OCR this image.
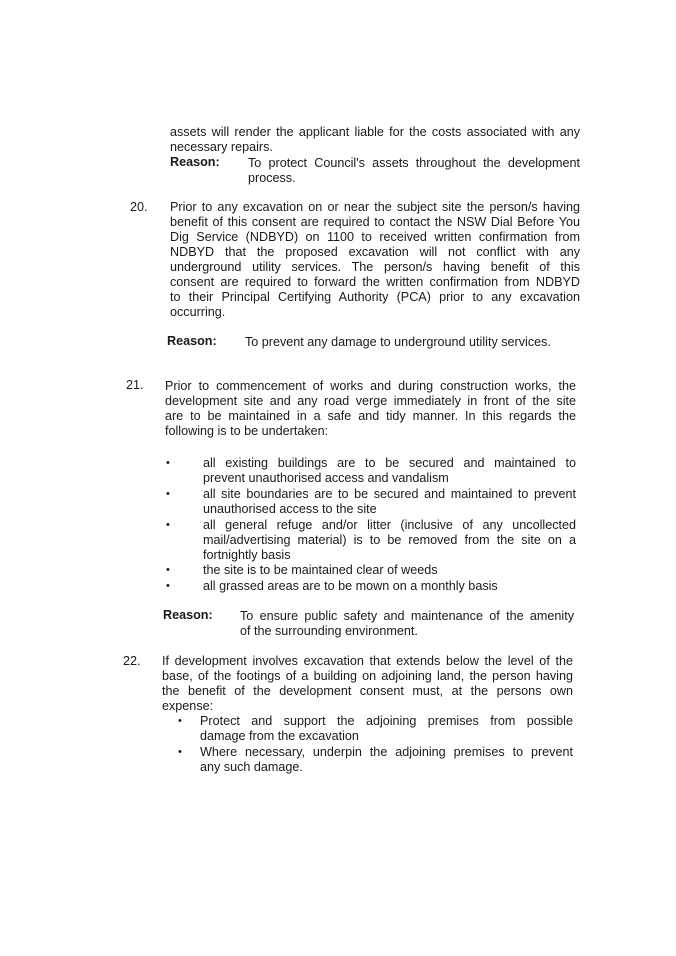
assets will render the applicant liable for the costs associated with any
necessary repairs.
Reason: To protect Council's assets throughout the development
process.
20. Prior to any excavation on or near the subject site the person/s having
benefit of this consent are required to contact the NSW Dial Before You
Dig Service (NDBYD) on 1100 to received written confirmation from
NDBYD that the proposed excavation will not conflict with any
underground utility services. The person/s having benefit of this
consent are required to forward the written confirmation from NDBYD
to their Principal Certifying Authority (PCA) prior to any excavation
occurring.
Reason: To prevent any damage to underground utility services.
21. Prior to commencement of works and during construction works, the
development site and any road verge immediately in front of the site
are to be maintained in a safe and tidy manner. In this regards the
following is to be undertaken:
•	all existing buildings are to be secured and maintained to
prevent unauthorised access and vandalism
•	all site boundaries are to be secured and maintained to prevent
unauthorised access to the site
•	all general refuge and/or litter (inclusive of any uncollected
mail/advertising material) is to be removed from the site on a
fortnightly basis
•	the site is to be maintained clear of weeds
•	all grassed areas are to be mown on a monthly basis
Reason: To ensure public safety and maintenance of the amenity
of the surrounding environment.
22. If development involves excavation that extends below the level of the
base, of the footings of a building on adjoining land, the person having
the benefit of the development consent must, at the persons own
expense:
• Protect and support the adjoining premises from possible
damage from the excavation
• Where necessary, underpin the adjoining premises to prevent
any such damage.
